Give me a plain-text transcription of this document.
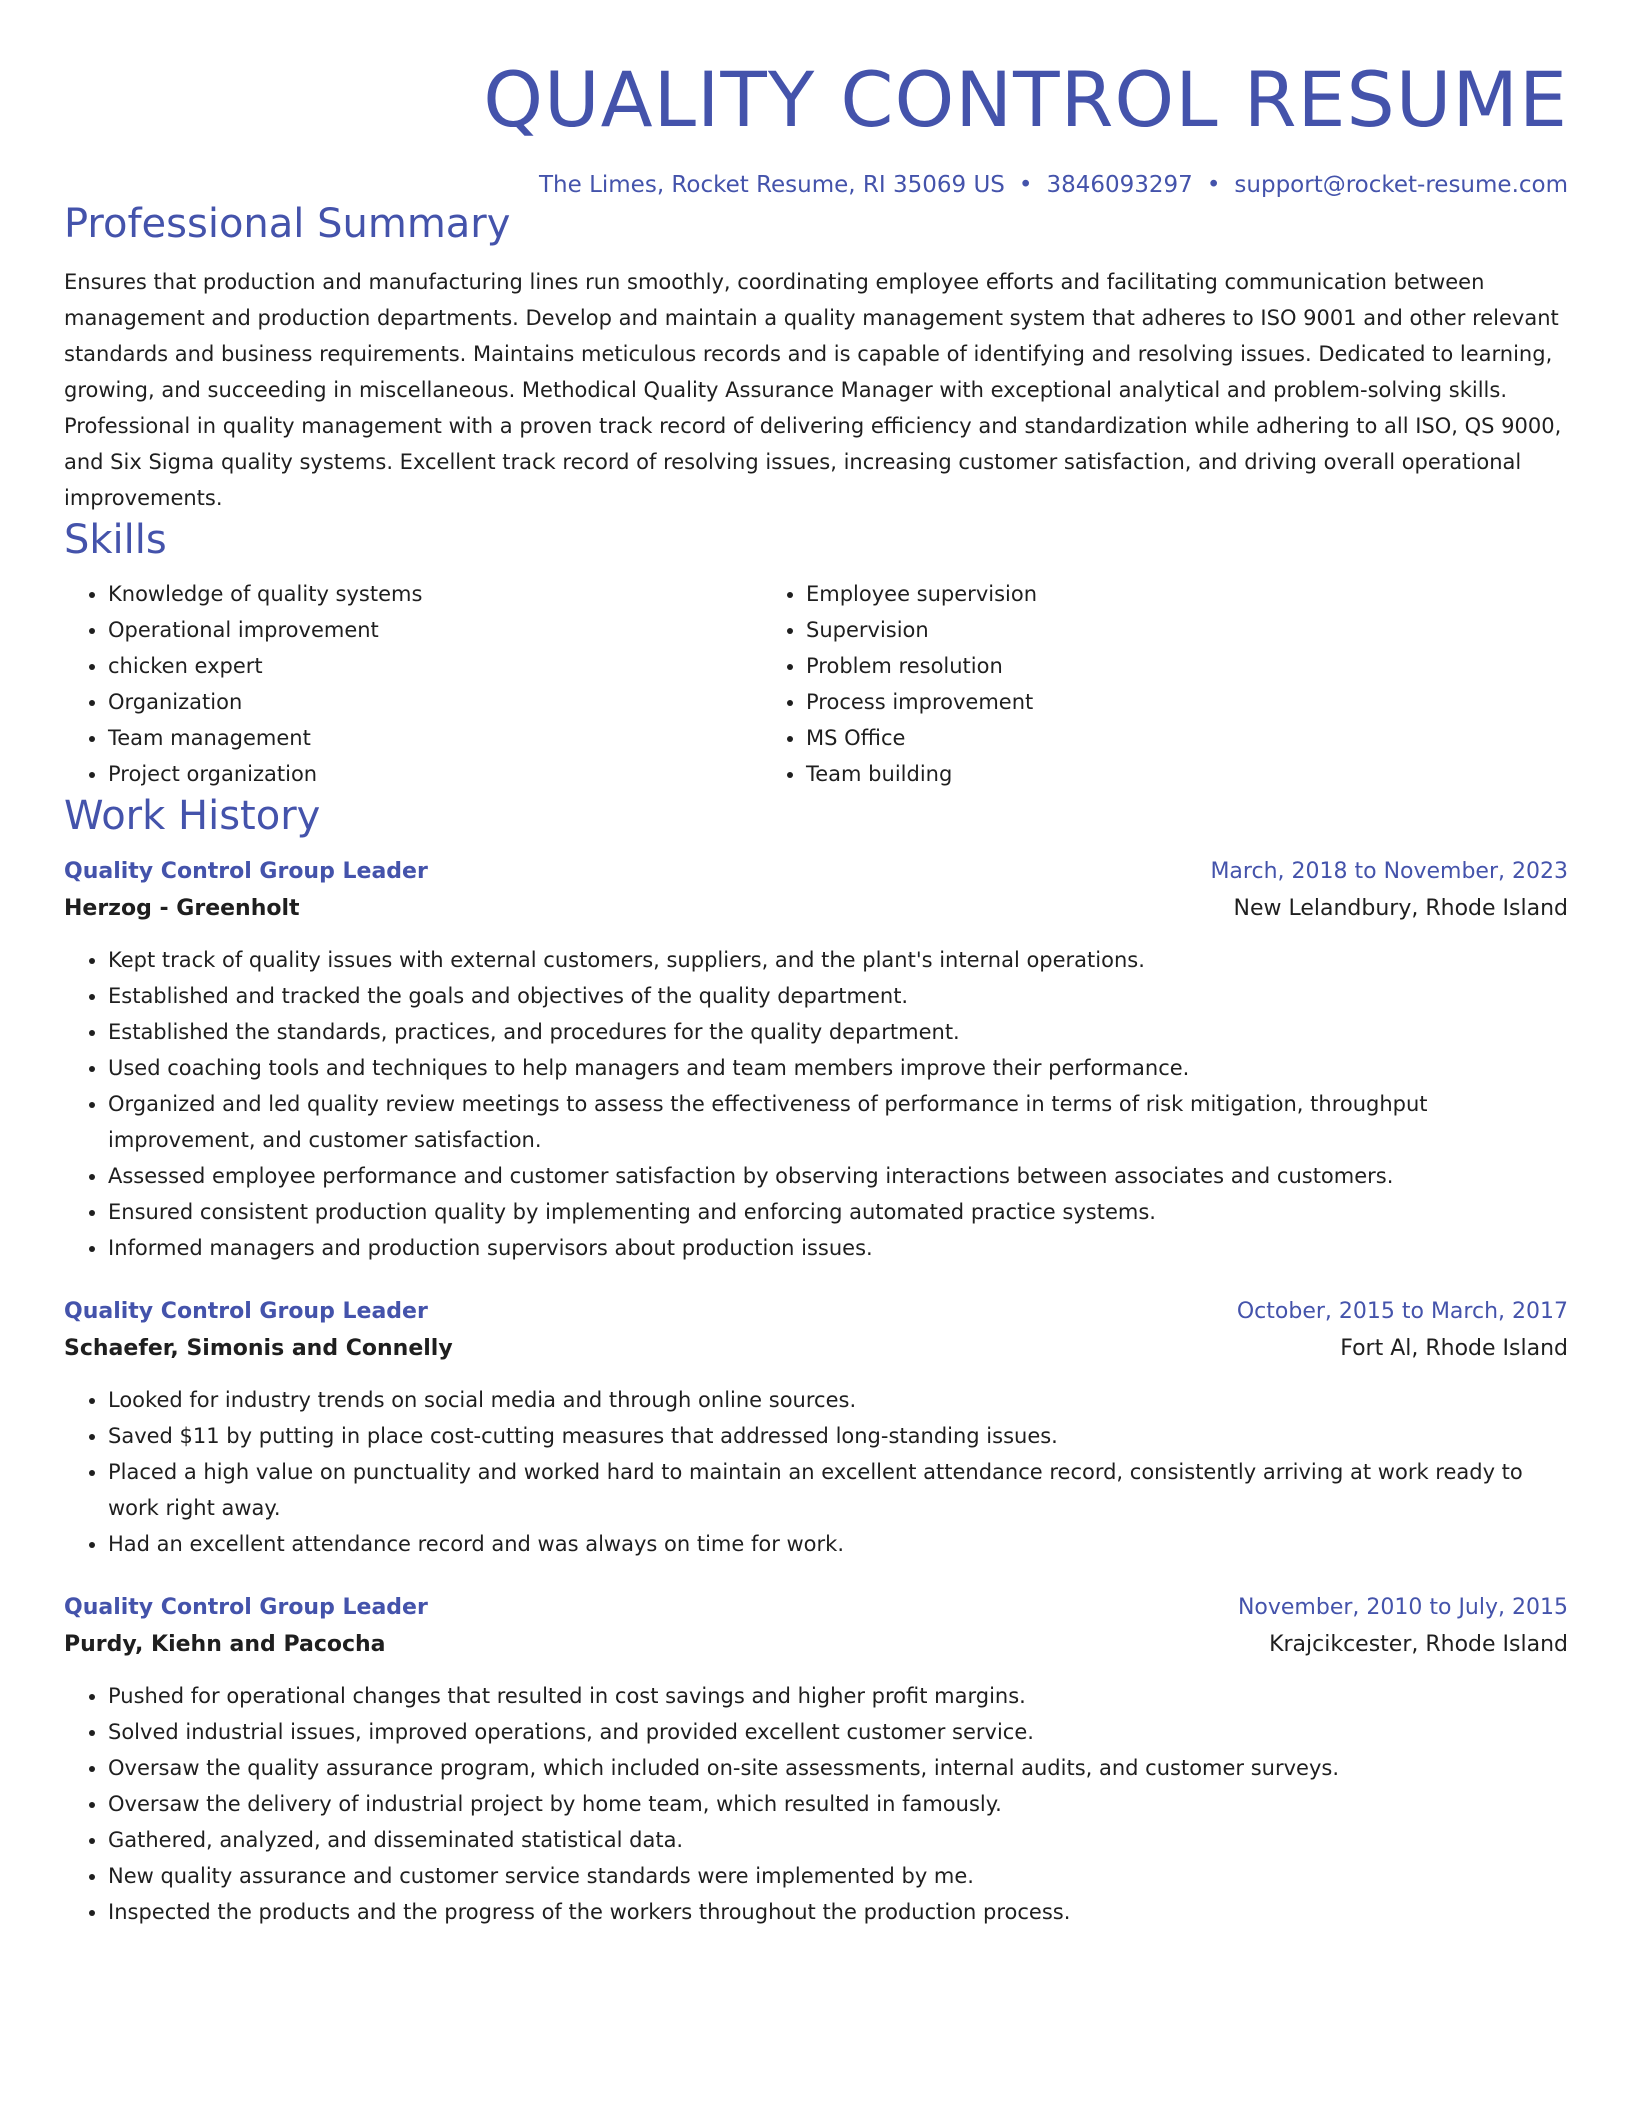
QUALITY CONTROL RESUME
The Limes, Rocket Resume, RI 35069 US • 3846093297 • support@rocket-resume.com
Professional Summary

Ensures that production and manufacturing lines run smoothly, coordinating employee efforts and facilitating communication between management and production departments. Develop and maintain a quality management system that adheres to ISO 9001 and other relevant standards and business requirements. Maintains meticulous records and is capable of identifying and resolving issues. Dedicated to learning, growing, and succeeding in miscellaneous. Methodical Quality Assurance Manager with exceptional analytical and problem-solving skills. Professional in quality management with a proven track record of delivering efficiency and standardization while adhering to all ISO, QS 9000, and Six Sigma quality systems. Excellent track record of resolving issues, increasing customer satisfaction, and driving overall operational improvements.

Skills
• Knowledge of quality systems
• Operational improvement
• chicken expert
• Organization
• Team management
• Project organization
• Employee supervision
• Supervision
• Problem resolution
• Process improvement
• MS Office
• Team building
Work History
Quality Control Group Leader	March, 2018 to November, 2023
Herzog - Greenholt	New Lelandbury, Rhode Island
• Kept track of quality issues with external customers, suppliers, and the plant's internal operations.
• Established and tracked the goals and objectives of the quality department.
• Established the standards, practices, and procedures for the quality department.
• Used coaching tools and techniques to help managers and team members improve their performance.
• Organized and led quality review meetings to assess the effectiveness of performance in terms of risk mitigation, throughput improvement, and customer satisfaction.
• Assessed employee performance and customer satisfaction by observing interactions between associates and customers.
• Ensured consistent production quality by implementing and enforcing automated practice systems.
• Informed managers and production supervisors about production issues.
Quality Control Group Leader	October, 2015 to March, 2017
Schaefer, Simonis and Connelly	Fort Al, Rhode Island
• Looked for industry trends on social media and through online sources.
• Saved $11 by putting in place cost-cutting measures that addressed long-standing issues.
• Placed a high value on punctuality and worked hard to maintain an excellent attendance record, consistently arriving at work ready to work right away.
• Had an excellent attendance record and was always on time for work.
Quality Control Group Leader	November, 2010 to July, 2015
Purdy, Kiehn and Pacocha	Krajcikcester, Rhode Island
• Pushed for operational changes that resulted in cost savings and higher profit margins.
• Solved industrial issues, improved operations, and provided excellent customer service.
• Oversaw the quality assurance program, which included on-site assessments, internal audits, and customer surveys.
• Oversaw the delivery of industrial project by home team, which resulted in famously.
• Gathered, analyzed, and disseminated statistical data.
• New quality assurance and customer service standards were implemented by me.
• Inspected the products and the progress of the workers throughout the production process.
